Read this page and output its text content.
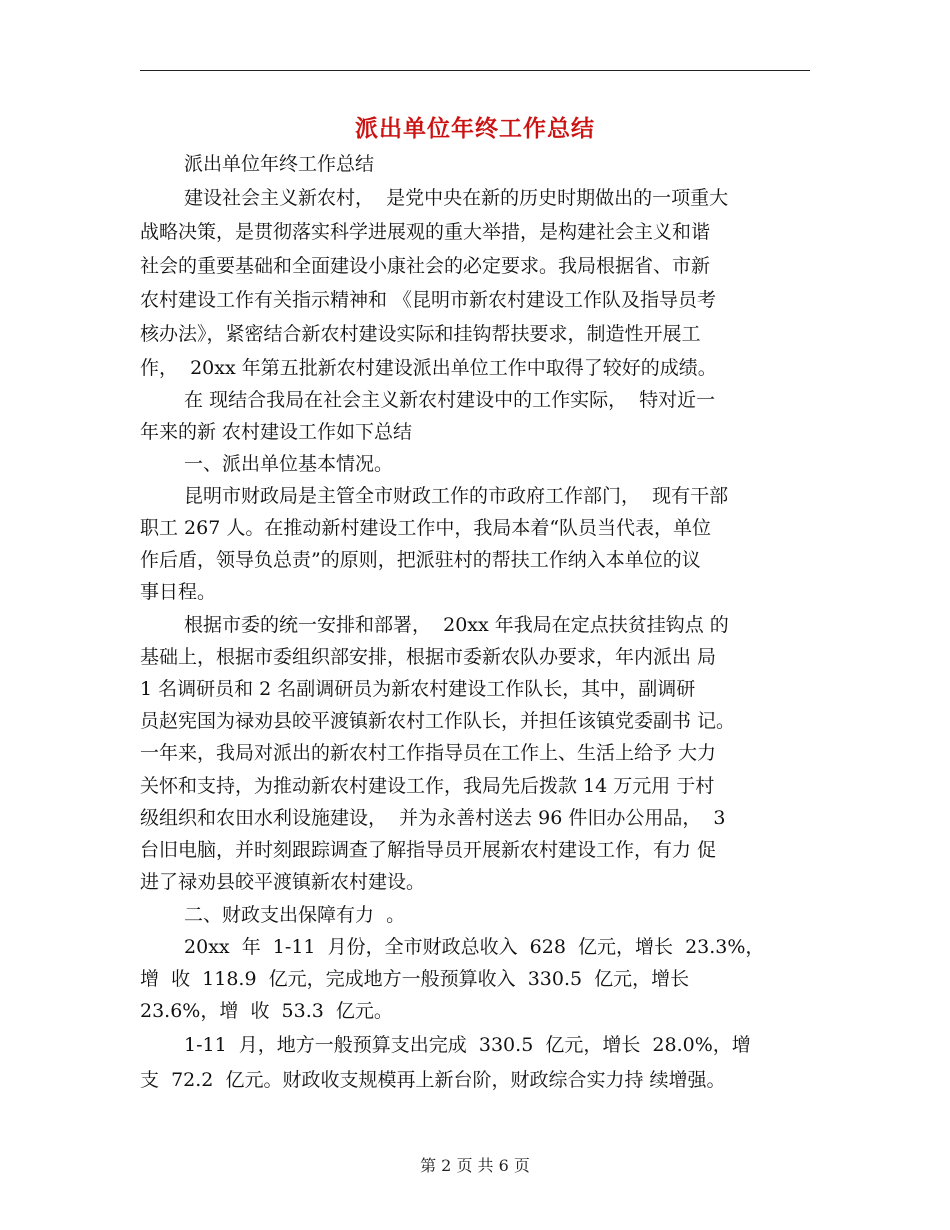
派出单位年终工作总结
　　 派出单位年终工作总结
　　 建设社会主义新农村，  是党中央在新的历史时期做出的一项重大
战略决策，是贯彻落实科学进展观的重大举措，是构建社会主义和谐
社会的重要基础和全面建设小康社会的必定要求。我局根据省、市新
农村建设工作有关指示精神和 《昆明市新农村建设工作队及指导员考
核办法》，紧密结合新农村建设实际和挂钩帮扶要求，制造性开展工
作，  20xx 年第五批新农村建设派出单位工作中取得了较好的成绩。
　　 在 现结合我局在社会主义新农村建设中的工作实际，  特对近一
年来的新 农村建设工作如下总结
　　 一、派出单位基本情况。
　　 昆明市财政局是主管全市财政工作的市政府工作部门，  现有干部
职工 267 人。在推动新村建设工作中，我局本着“队员当代表，单位
作后盾，领导负总责”的原则，把派驻村的帮扶工作纳入本单位的议
事日程。
　　 根据市委的统一安排和部署，  20xx 年我局在定点扶贫挂钩点 的
基础上，根据市委组织部安排，根据市委新农队办要求，年内派出 局
1 名调研员和 2 名副调研员为新农村建设工作队长，其中，副调研
员赵宪国为禄劝县皎平渡镇新农村工作队长，并担任该镇党委副书 记。
一年来，我局对派出的新农村工作指导员在工作上、生活上给予 大力
关怀和支持，为推动新农村建设工作，我局先后拨款 14 万元用 于村
级组织和农田水利设施建设，  并为永善村送去 96 件旧办公用品，  3
台旧电脑，并时刻跟踪调查了解指导员开展新农村建设工作，有力 促
进了禄劝县皎平渡镇新农村建设。
　　 二、财政支出保障有力  。
　　 20xx  年  1-11  月份，全市财政总收入  628  亿元，增长  23.3%，
增  收  118.9  亿元，完成地方一般预算收入  330.5  亿元，增长
23.6%，增  收  53.3  亿元。
　　 1-11  月，地方一般预算支出完成  330.5  亿元，增长  28.0%，增
支  72.2  亿元。财政收支规模再上新台阶，财政综合实力持 续增强。
第 2 页 共 6 页
